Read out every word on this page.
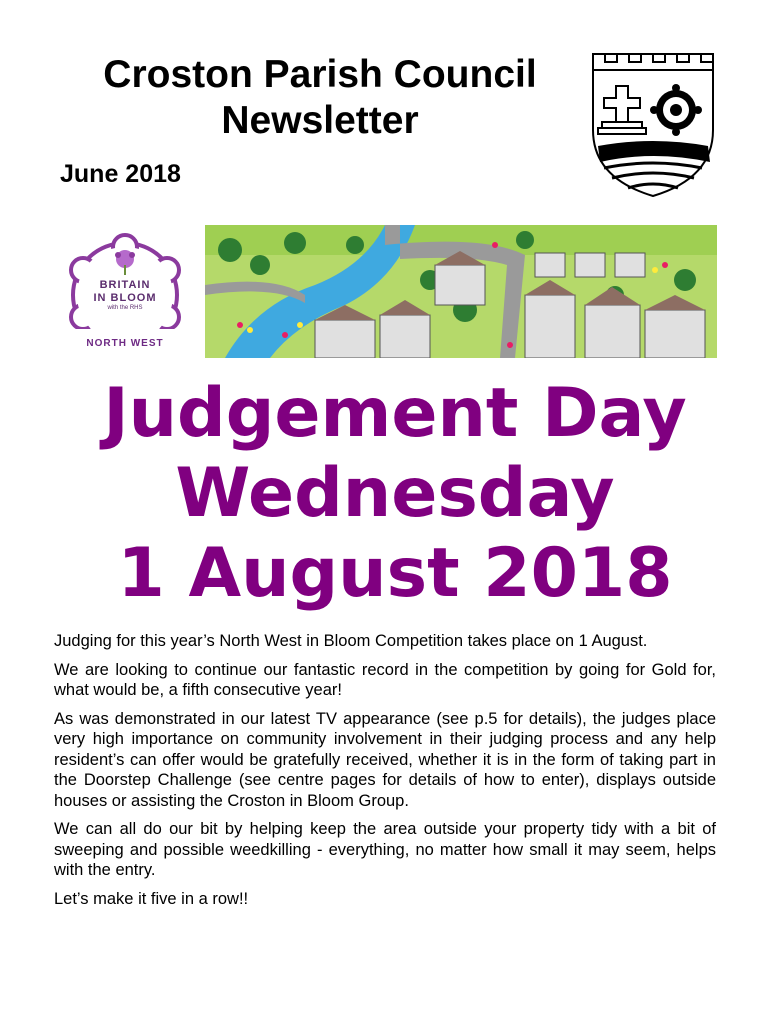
Croston Parish Council
Newsletter

June 2018

BRITAIN
IN BLOOM
with the RHS
NORTH WEST
Judgement Day
Wednesday
1 August 2018

Judging for this year’s North West in Bloom Competition takes place on 1 August.

We are looking to continue our fantastic record in the competition by going for Gold for, what would be, a fifth consecutive year!

As was demonstrated in our latest TV appearance (see p.5 for details), the judges place very high importance on community involvement in their judging process and any help resident’s can offer would be gratefully received, whether it is in the form of taking part in the Doorstep Challenge (see centre pages for details of how to enter), displays outside houses or assisting the Croston in Bloom Group.

We can all do our bit by helping keep the area outside your property tidy with a bit of sweeping and possible weedkilling - everything, no matter how small it may seem, helps with the entry.

Let’s make it five in a row!!
